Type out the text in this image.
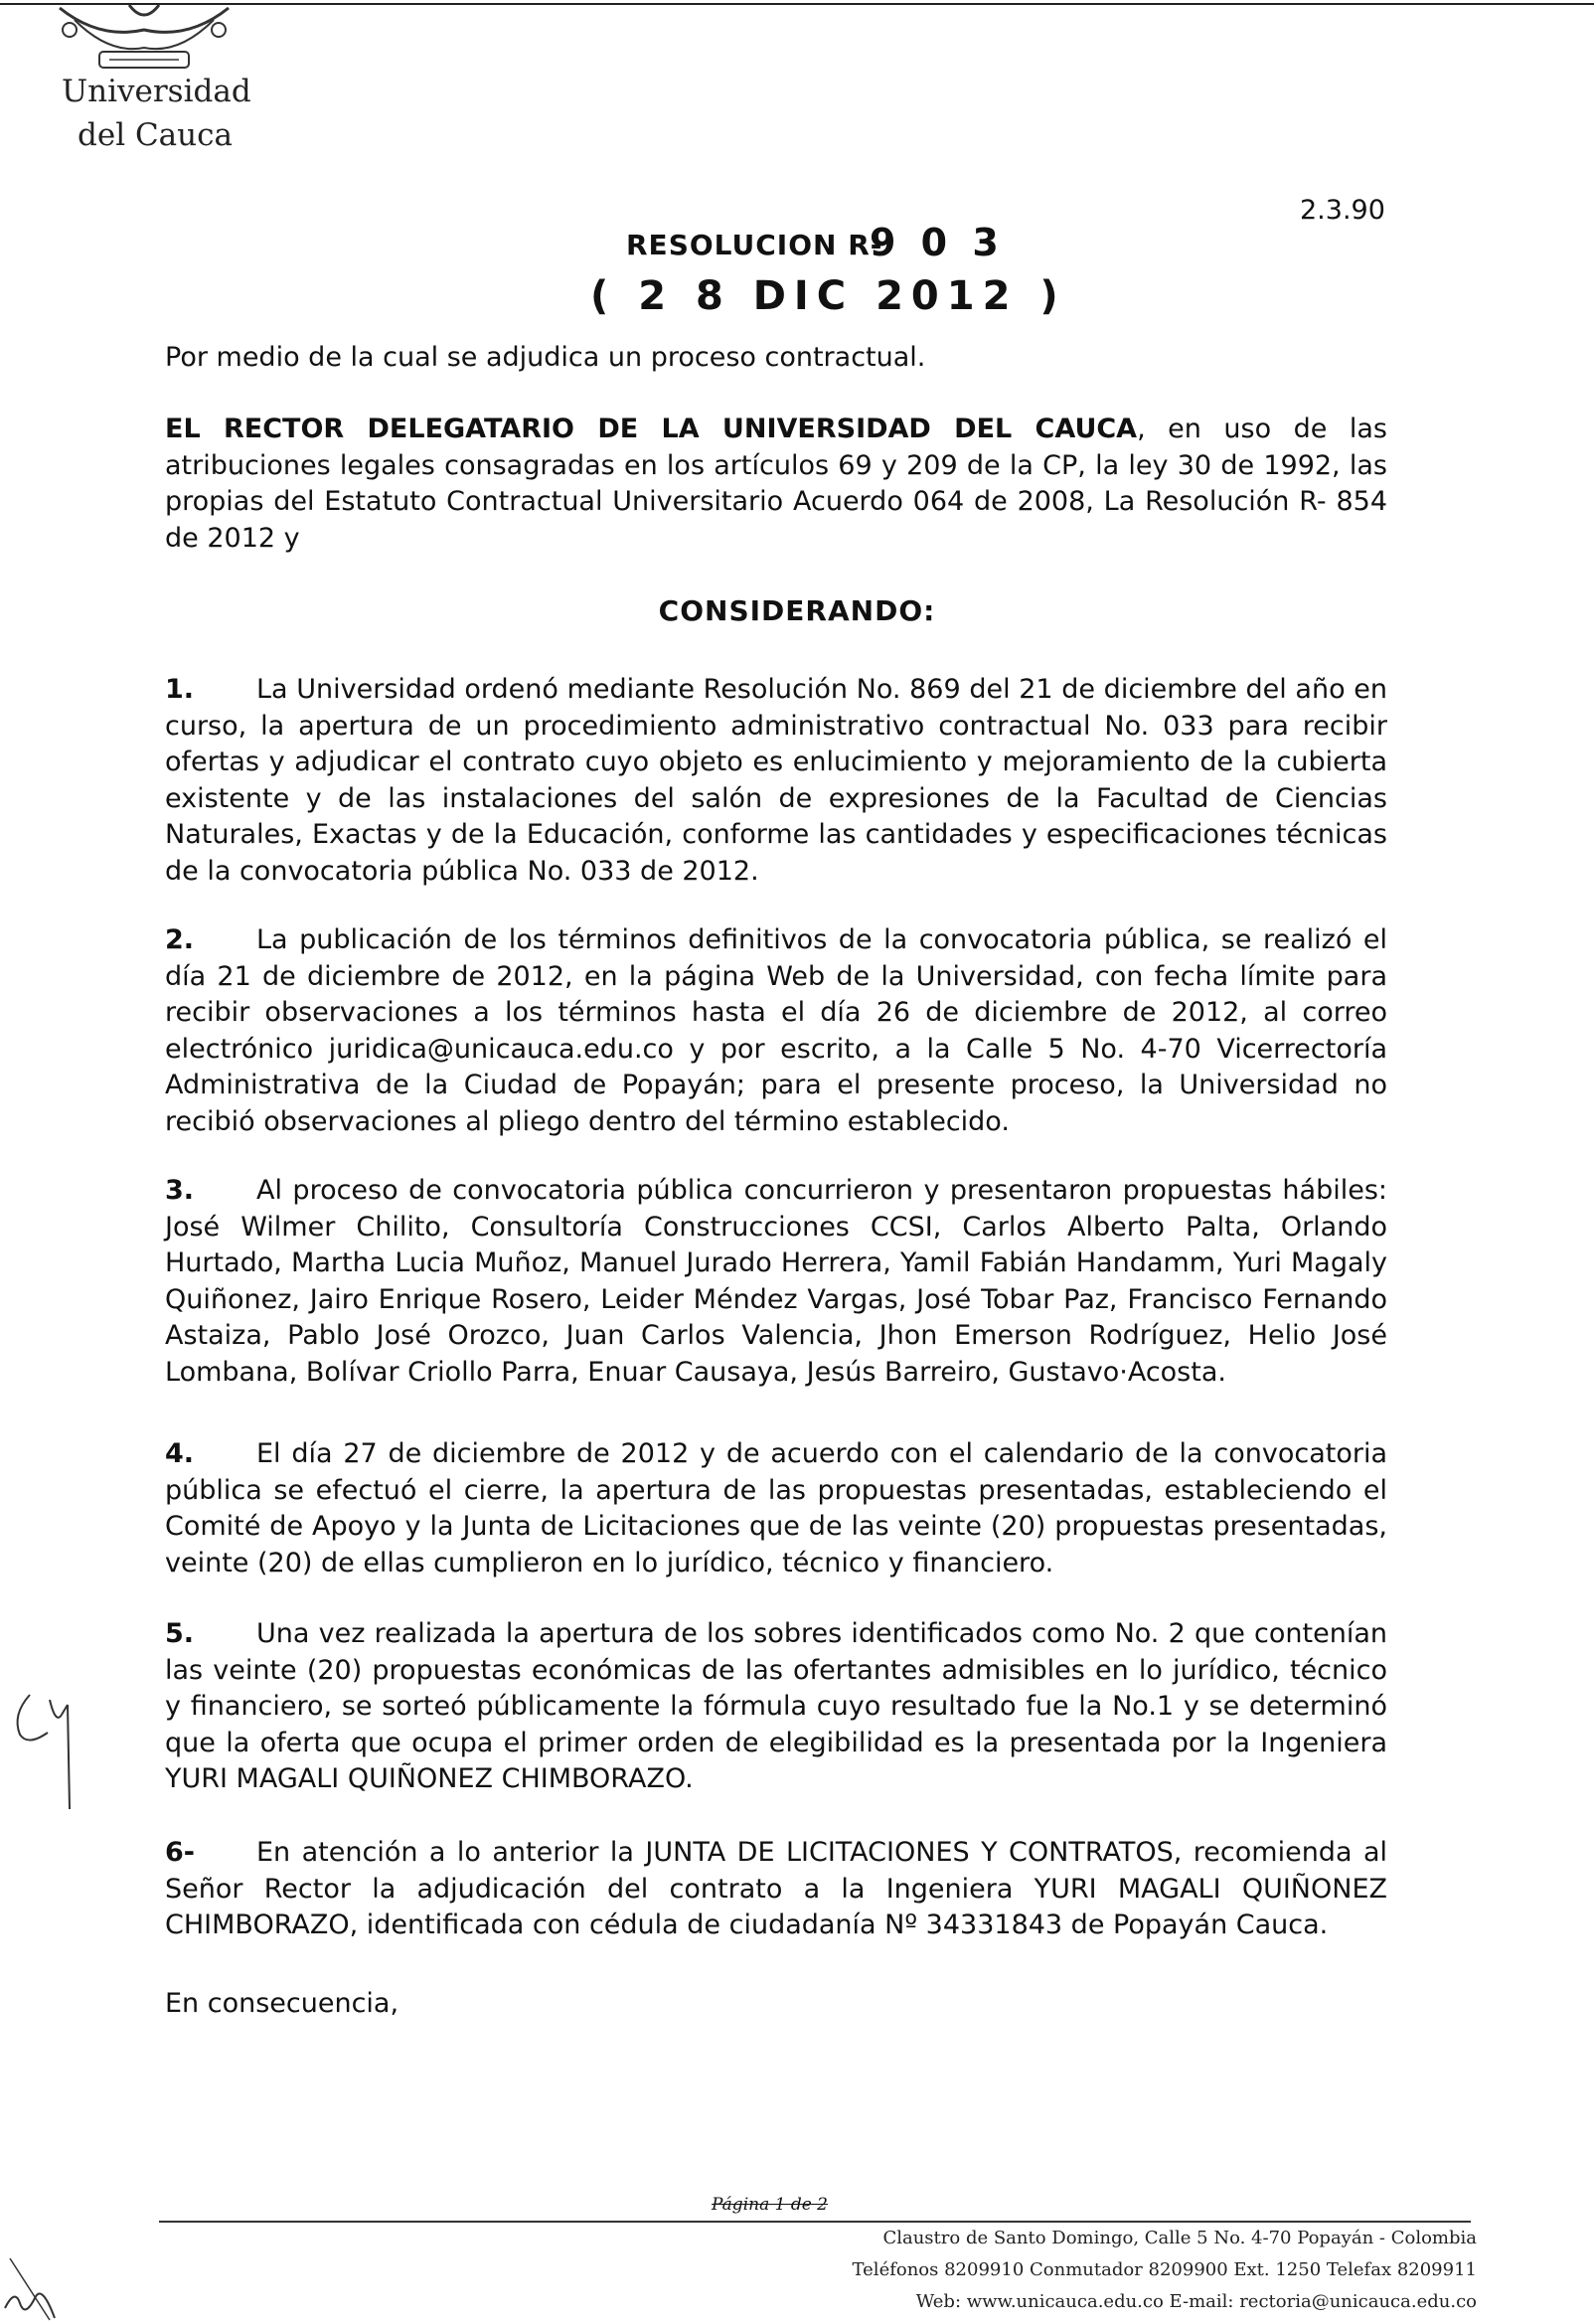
Universidad
del Cauca
2.3.90
RESOLUCION R-
9 0 3
( 2 8 DIC 2012 )
Por medio de la cual se adjudica un proceso contractual.
EL RECTOR DELEGATARIO DE LA UNIVERSIDAD DEL CAUCA, en uso de las atribuciones legales consagradas en los artículos 69 y 209 de la CP, la ley 30 de 1992, las propias del Estatuto Contractual Universitario Acuerdo 064 de 2008, La Resolución R- 854 de 2012 y
CONSIDERANDO:
1. La Universidad ordenó mediante Resolución No. 869 del 21 de diciembre del año en curso, la apertura de un procedimiento administrativo contractual No. 033 para recibir ofertas y adjudicar el contrato cuyo objeto es enlucimiento y mejoramiento de la cubierta existente y de las instalaciones del salón de expresiones de la Facultad de Ciencias Naturales, Exactas y de la Educación, conforme las cantidades y especificaciones técnicas de la convocatoria pública No. 033 de 2012.
2. La publicación de los términos definitivos de la convocatoria pública, se realizó el día 21 de diciembre de 2012, en la página Web de la Universidad, con fecha límite para recibir observaciones a los términos hasta el día 26 de diciembre de 2012, al correo electrónico juridica@unicauca.edu.co y por escrito, a la Calle 5 No. 4-70 Vicerrectoría Administrativa de la Ciudad de Popayán; para el presente proceso, la Universidad no recibió observaciones al pliego dentro del término establecido.
3. Al proceso de convocatoria pública concurrieron y presentaron propuestas hábiles: José Wilmer Chilito, Consultoría Construcciones CCSI, Carlos Alberto Palta, Orlando Hurtado, Martha Lucia Muñoz, Manuel Jurado Herrera, Yamil Fabián Handamm, Yuri Magaly Quiñonez, Jairo Enrique Rosero, Leider Méndez Vargas, José Tobar Paz, Francisco Fernando Astaiza, Pablo José Orozco, Juan Carlos Valencia, Jhon Emerson Rodríguez, Helio José Lombana, Bolívar Criollo Parra, Enuar Causaya, Jesús Barreiro, Gustavo·Acosta.
4. El día 27 de diciembre de 2012 y de acuerdo con el calendario de la convocatoria pública se efectuó el cierre, la apertura de las propuestas presentadas, estableciendo el Comité de Apoyo y la Junta de Licitaciones que de las veinte (20) propuestas presentadas, veinte (20) de ellas cumplieron en lo jurídico, técnico y financiero.
5. Una vez realizada la apertura de los sobres identificados como No. 2 que contenían las veinte (20) propuestas económicas de las ofertantes admisibles en lo jurídico, técnico y financiero, se sorteó públicamente la fórmula cuyo resultado fue la No.1 y se determinó que la oferta que ocupa el primer orden de elegibilidad es la presentada por la Ingeniera YURI MAGALI QUIÑONEZ CHIMBORAZO.
6- En atención a lo anterior la JUNTA DE LICITACIONES Y CONTRATOS, recomienda al Señor Rector la adjudicación del contrato a la Ingeniera YURI MAGALI QUIÑONEZ CHIMBORAZO, identificada con cédula de ciudadanía Nº 34331843 de Popayán Cauca.
En consecuencia,
Página 1 de 2
Claustro de Santo Domingo, Calle 5 No. 4-70 Popayán - Colombia
Teléfonos 8209910 Conmutador 8209900 Ext. 1250 Telefax 8209911
Web: www.unicauca.edu.co E-mail: rectoria@unicauca.edu.co
